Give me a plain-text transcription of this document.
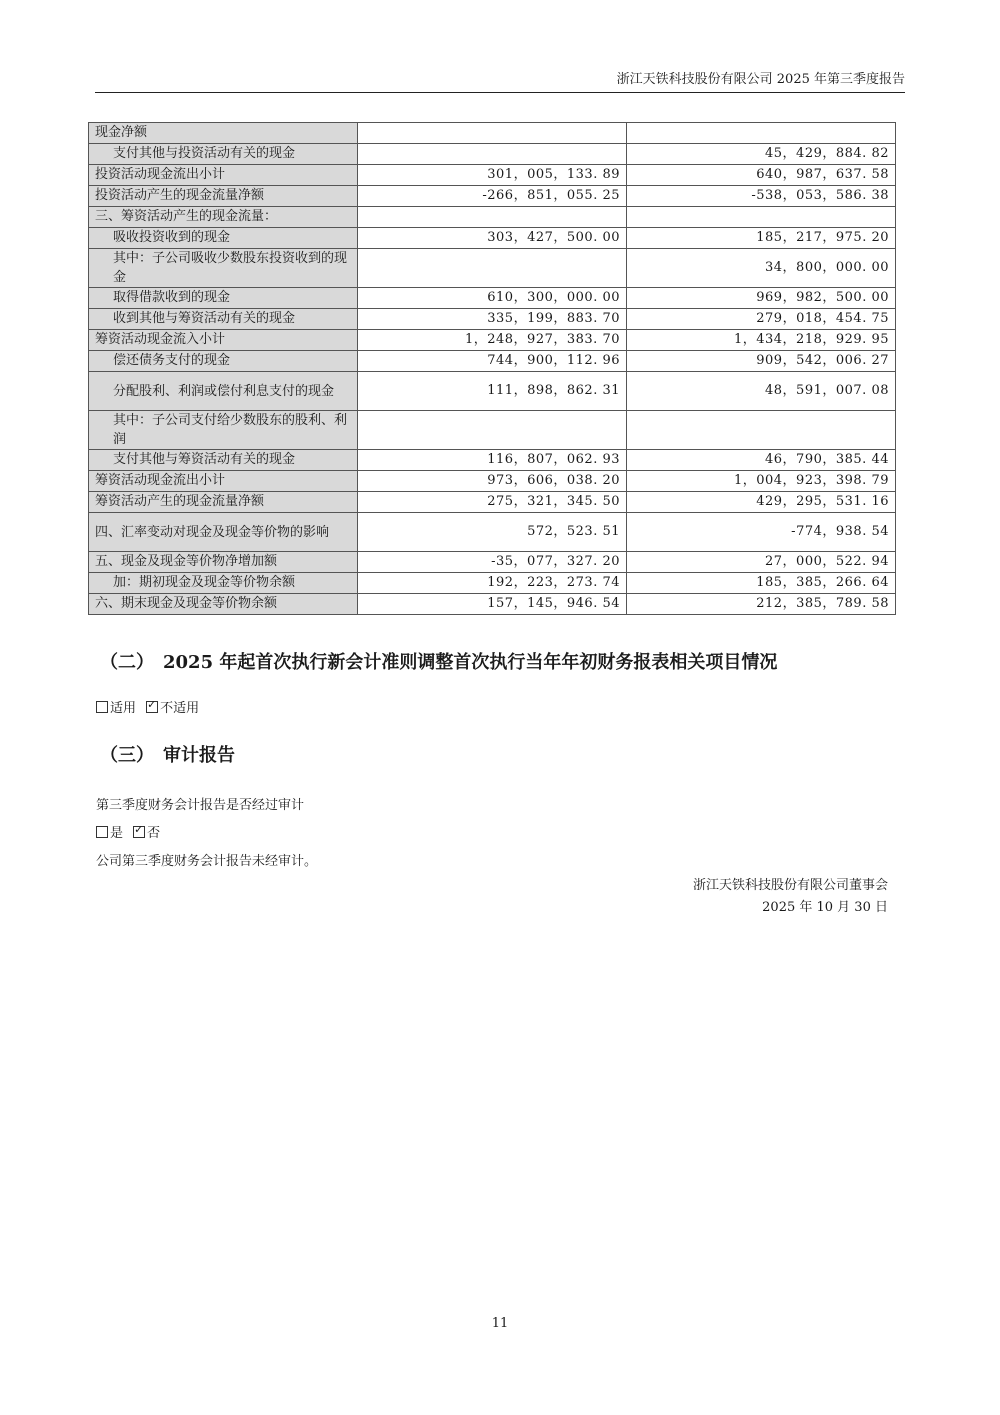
浙江天铁科技股份有限公司 2025 年第三季度报告
现金净额		
支付其他与投资活动有关的现金		45，429，884. 82
投资活动现金流出小计	301，005，133. 89	640，987，637. 58
投资活动产生的现金流量净额	-266，851，055. 25	-538，053，586. 38
三、筹资活动产生的现金流量：		
吸收投资收到的现金	303，427，500. 00	185，217，975. 20
其中：子公司吸收少数股东投资收到的现金		34，800，000. 00
取得借款收到的现金	610，300，000. 00	969，982，500. 00
收到其他与筹资活动有关的现金	335，199，883. 70	279，018，454. 75
筹资活动现金流入小计	1，248，927，383. 70	1，434，218，929. 95
偿还债务支付的现金	744，900，112. 96	909，542，006. 27
分配股利、利润或偿付利息支付的现金	111，898，862. 31	48，591，007. 08
其中：子公司支付给少数股东的股利、利润		
支付其他与筹资活动有关的现金	116，807，062. 93	46，790，385. 44
筹资活动现金流出小计	973，606，038. 20	1，004，923，398. 79
筹资活动产生的现金流量净额	275，321，345. 50	429，295，531. 16
四、汇率变动对现金及现金等价物的影响	572，523. 51	-774，938. 54
五、现金及现金等价物净增加额	-35，077，327. 20	27，000，522. 94
加：期初现金及现金等价物余额	192，223，273. 74	185，385，266. 64
六、期末现金及现金等价物余额	157，145，946. 54	212，385，789. 58
（二）　2025 年起首次执行新会计准则调整首次执行当年年初财务报表相关项目情况
适用 ✓ 不适用
（三）　审计报告
第三季度财务会计报告是否经过审计
是 ✓ 否
公司第三季度财务会计报告未经审计。
浙江天铁科技股份有限公司董事会
2025 年 10 月 30 日
11
